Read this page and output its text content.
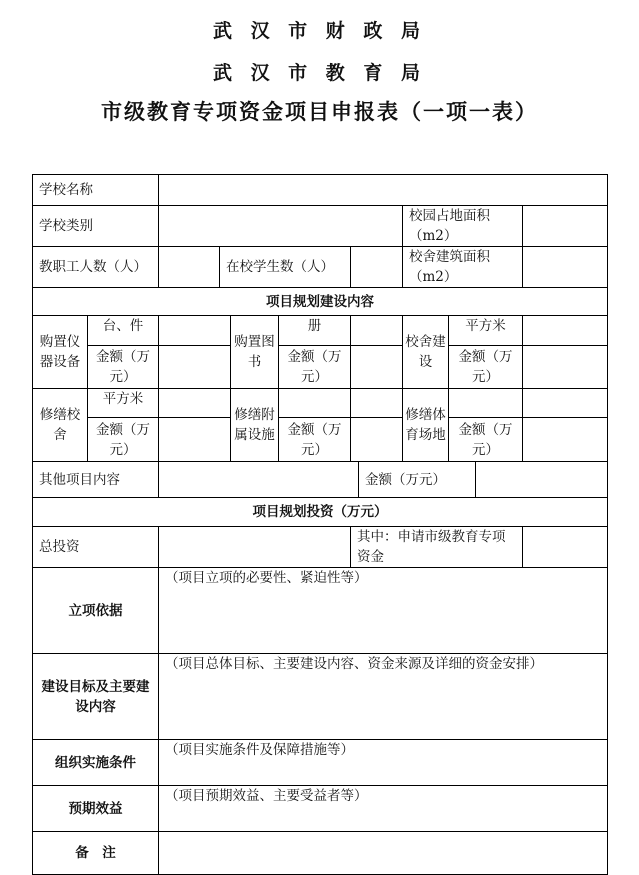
武 汉 市 财 政 局
武 汉 市 教 育 局
市级教育专项资金项目申报表（一项一表）
学校名称											
学校类别								校园占地面积（m2）			
教职工人数（人）			在校学生数（人）					校舍建筑面积（m2）			
项目规划建设内容											
购置仪器设备	台、件			购置图书	册			校舍建设	平方米		
	金额（万元）				金额（万元）				金额（万元）		
修缮校舍	平方米			修缮附属设施				修缮体育场地			
	金额（万元）				金额（万元）				金额（万元）		
其他项目内容							金额（万元）				
项目规划投资（万元）											
总投资						其中：申请市级教育专项资金					
立项依据		（项目立项的必要性、紧迫性等）									
建设目标及主要建设内容		（项目总体目标、主要建设内容、资金来源及详细的资金安排）									
组织实施条件		（项目实施条件及保障措施等）									
预期效益		（项目预期效益、主要受益者等）									
备　注											
